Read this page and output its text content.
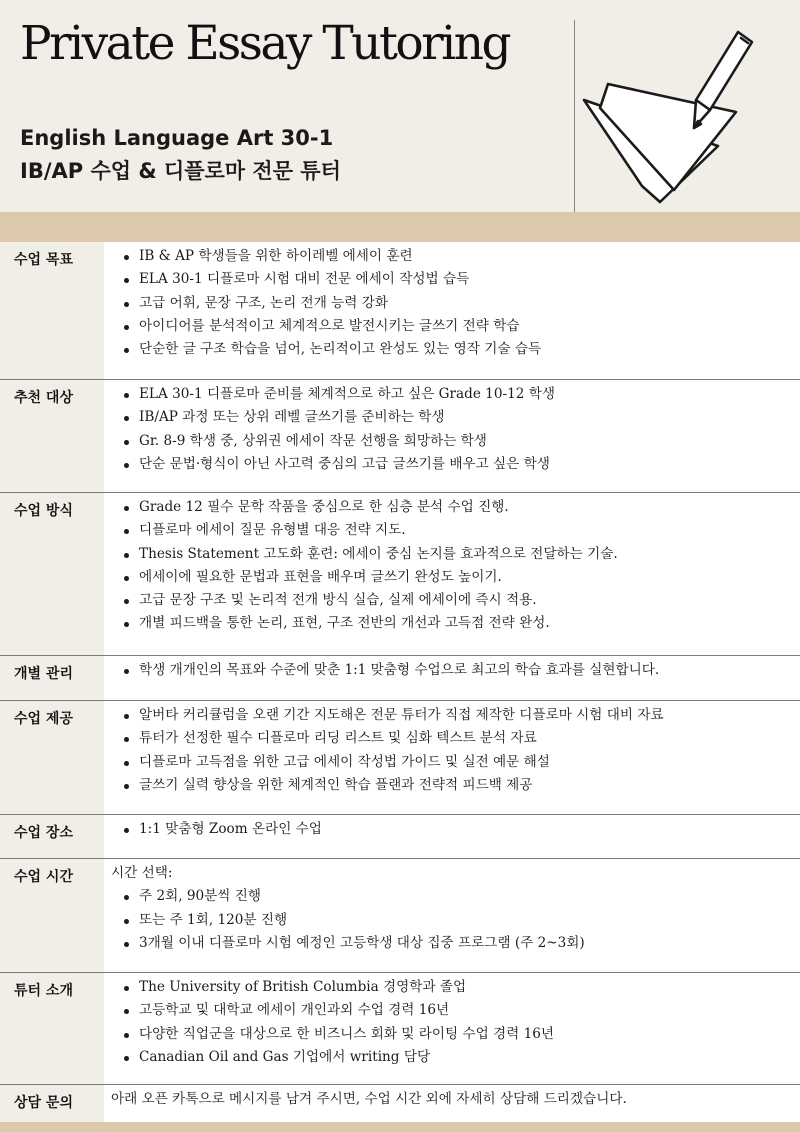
Private Essay Tutoring
English Language Art 30-1
IB/AP 수업 & 디플로마 전문 튜터
수업 목표	IB & AP 학생들을 위한 하이레벨 에세이 훈련
ELA 30-1 디플로마 시험 대비 전문 에세이 작성법 습득
고급 어휘, 문장 구조, 논리 전개 능력 강화
아이디어를 분석적이고 체계적으로 발전시키는 글쓰기 전략 학습
단순한 글 구조 학습을 넘어, 논리적이고 완성도 있는 영작 기술 습득
추천 대상	ELA 30-1 디플로마 준비를 체계적으로 하고 싶은 Grade 10-12 학생
IB/AP 과정 또는 상위 레벨 글쓰기를 준비하는 학생
Gr. 8-9 학생 중, 상위권 에세이 작문 선행을 희망하는 학생
단순 문법·형식이 아닌 사고력 중심의 고급 글쓰기를 배우고 싶은 학생
수업 방식	Grade 12 필수 문학 작품을 중심으로 한 심층 분석 수업 진행.
디플로마 에세이 질문 유형별 대응 전략 지도.
Thesis Statement 고도화 훈련: 에세이 중심 논지를 효과적으로 전달하는 기술.
에세이에 필요한 문법과 표현을 배우며 글쓰기 완성도 높이기.
고급 문장 구조 및 논리적 전개 방식 실습, 실제 에세이에 즉시 적용.
개별 피드백을 통한 논리, 표현, 구조 전반의 개선과 고득점 전략 완성.
개별 관리	학생 개개인의 목표와 수준에 맞춘 1:1 맞춤형 수업으로 최고의 학습 효과를 실현합니다.
수업 제공	알버타 커리큘럼을 오랜 기간 지도해온 전문 튜터가 직접 제작한 디플로마 시험 대비 자료
튜터가 선정한 필수 디플로마 리딩 리스트 및 심화 텍스트 분석 자료
디플로마 고득점을 위한 고급 에세이 작성법 가이드 및 실전 예문 해설
글쓰기 실력 향상을 위한 체계적인 학습 플랜과 전략적 피드백 제공
수업 장소	1:1 맞춤형 Zoom 온라인 수업
수업 시간	시간 선택:
주 2회, 90분씩 진행
또는 주 1회, 120분 진행
3개월 이내 디플로마 시험 예정인 고등학생 대상 집중 프로그램 (주 2~3회)
튜터 소개	The University of British Columbia 경영학과 졸업
고등학교 및 대학교 에세이 개인과외 수업 경력 16년
다양한 직업군을 대상으로 한 비즈니스 회화 및 라이팅 수업 경력 16년
Canadian Oil and Gas 기업에서 writing 담당
상담 문의	아래 오픈 카톡으로 메시지를 남겨 주시면, 수업 시간 외에 자세히 상담해 드리겠습니다.
